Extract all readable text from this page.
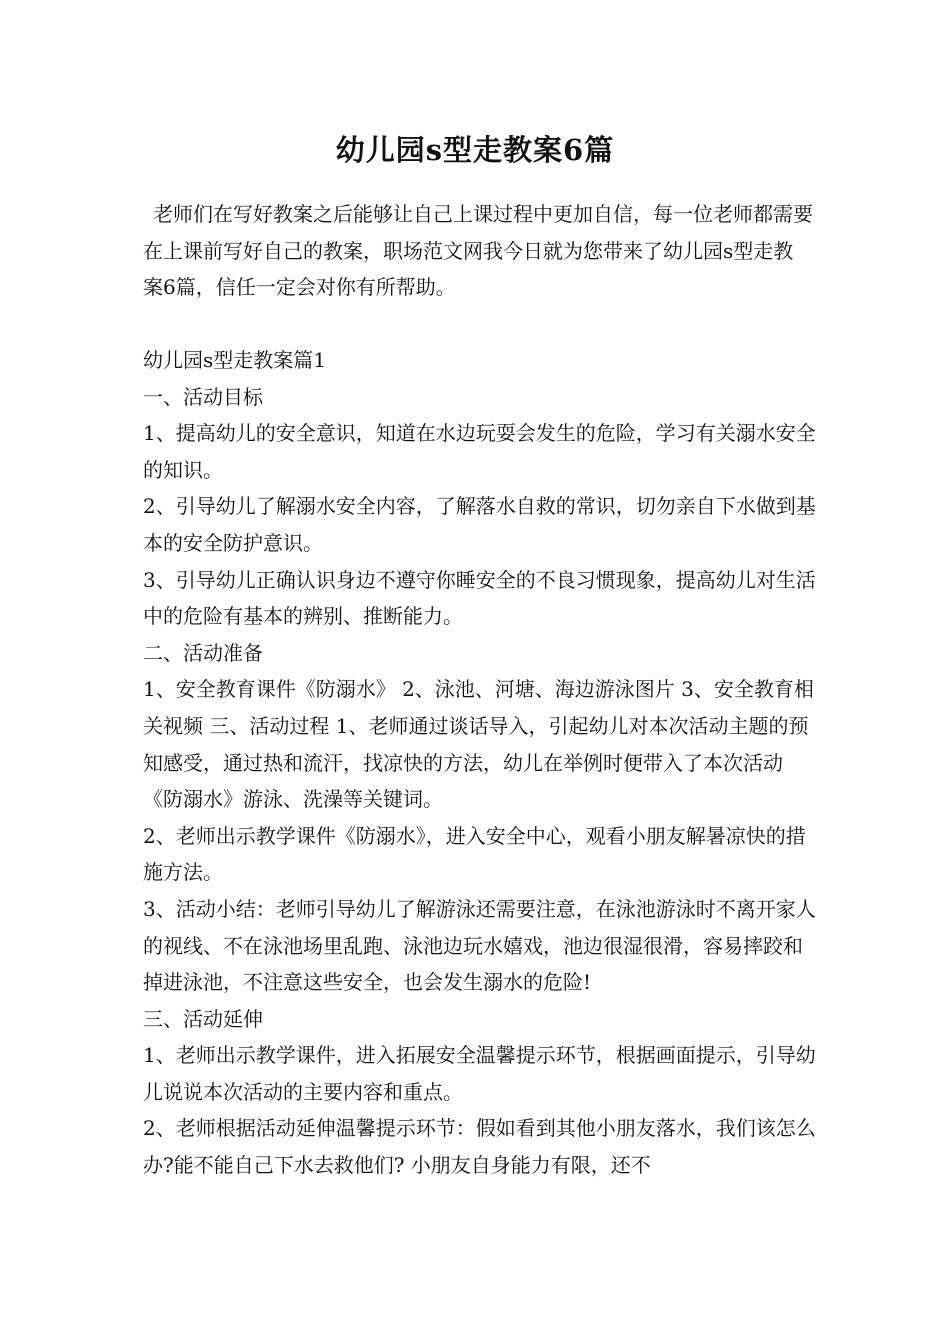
幼儿园s型走教案6篇

老师们在写好教案之后能够让自己上课过程中更加自信，每一位老师都需要在上课前写好自己的教案，职场范文网我今日就为您带来了幼儿园s型走教案6篇，信任一定会对你有所帮助。

幼儿园s型走教案篇1

一、活动目标

1、提高幼儿的安全意识，知道在水边玩耍会发生的危险，学习有关溺水安全的知识。

2、引导幼儿了解溺水安全内容，了解落水自救的常识，切勿亲自下水做到基本的安全防护意识。

3、引导幼儿正确认识身边不遵守你睡安全的不良习惯现象，提高幼儿对生活中的危险有基本的辨别、推断能力。

二、活动准备

1、安全教育课件《防溺水》 2、泳池、河塘、海边游泳图片 3、安全教育相关视频 三、活动过程 1、老师通过谈话导入，引起幼儿对本次活动主题的预知感受，通过热和流汗，找凉快的方法，幼儿在举例时便带入了本次活动《防溺水》游泳、洗澡等关键词。

2、老师出示教学课件《防溺水》，进入安全中心，观看小朋友解暑凉快的措施方法。

3、活动小结：老师引导幼儿了解游泳还需要注意，在泳池游泳时不离开家人的视线、不在泳池场里乱跑、泳池边玩水嬉戏，池边很湿很滑，容易摔跤和掉进泳池，不注意这些安全，也会发生溺水的危险!

三、活动延伸

1、老师出示教学课件，进入拓展安全温馨提示环节，根据画面提示，引导幼儿说说本次活动的主要内容和重点。

2、老师根据活动延伸温馨提示环节：假如看到其他小朋友落水，我们该怎么办?能不能自己下水去救他们? 小朋友自身能力有限，还不
